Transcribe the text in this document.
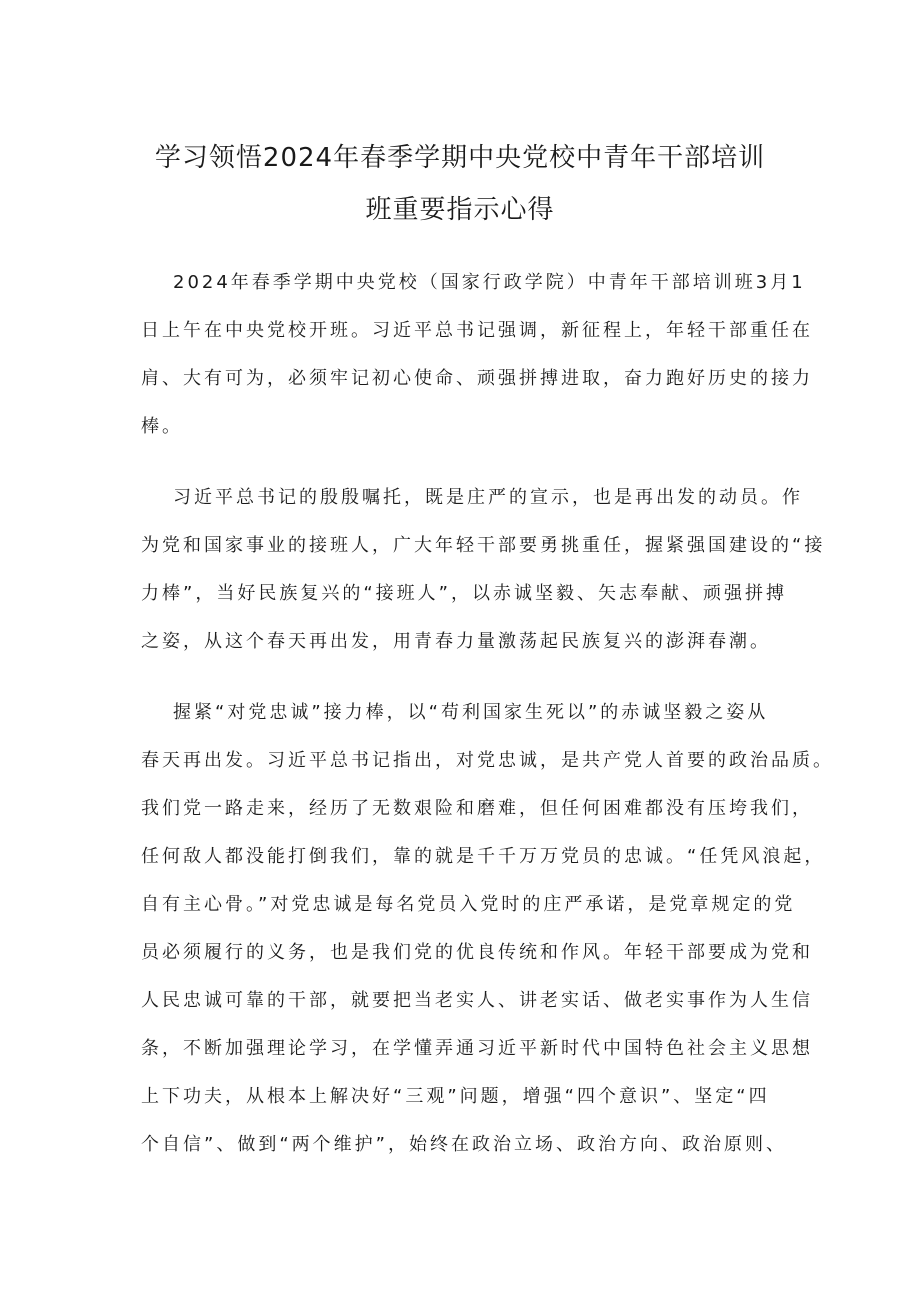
学习领悟2024年春季学期中央党校中青年干部培训
班重要指示心得

2024年春季学期中央党校（国家行政学院）中青年干部培训班3月1

日上午在中央党校开班。习近平总书记强调，新征程上，年轻干部重任在

肩、大有可为，必须牢记初心使命、顽强拼搏进取，奋力跑好历史的接力

棒。

习近平总书记的殷殷嘱托，既是庄严的宣示，也是再出发的动员。作

为党和国家事业的接班人，广大年轻干部要勇挑重任，握紧强国建设的“接

力棒”，当好民族复兴的“接班人”，以赤诚坚毅、矢志奉献、顽强拼搏

之姿，从这个春天再出发，用青春力量激荡起民族复兴的澎湃春潮。

握紧“对党忠诚”接力棒，以“苟利国家生死以”的赤诚坚毅之姿从

春天再出发。习近平总书记指出，对党忠诚，是共产党人首要的政治品质。

我们党一路走来，经历了无数艰险和磨难，但任何困难都没有压垮我们，

任何敌人都没能打倒我们，靠的就是千千万万党员的忠诚。“任凭风浪起，

自有主心骨。”对党忠诚是每名党员入党时的庄严承诺，是党章规定的党

员必须履行的义务，也是我们党的优良传统和作风。年轻干部要成为党和

人民忠诚可靠的干部，就要把当老实人、讲老实话、做老实事作为人生信

条，不断加强理论学习，在学懂弄通习近平新时代中国特色社会主义思想

上下功夫，从根本上解决好“三观”问题，增强“四个意识”、坚定“四

个自信”、做到“两个维护”，始终在政治立场、政治方向、政治原则、
